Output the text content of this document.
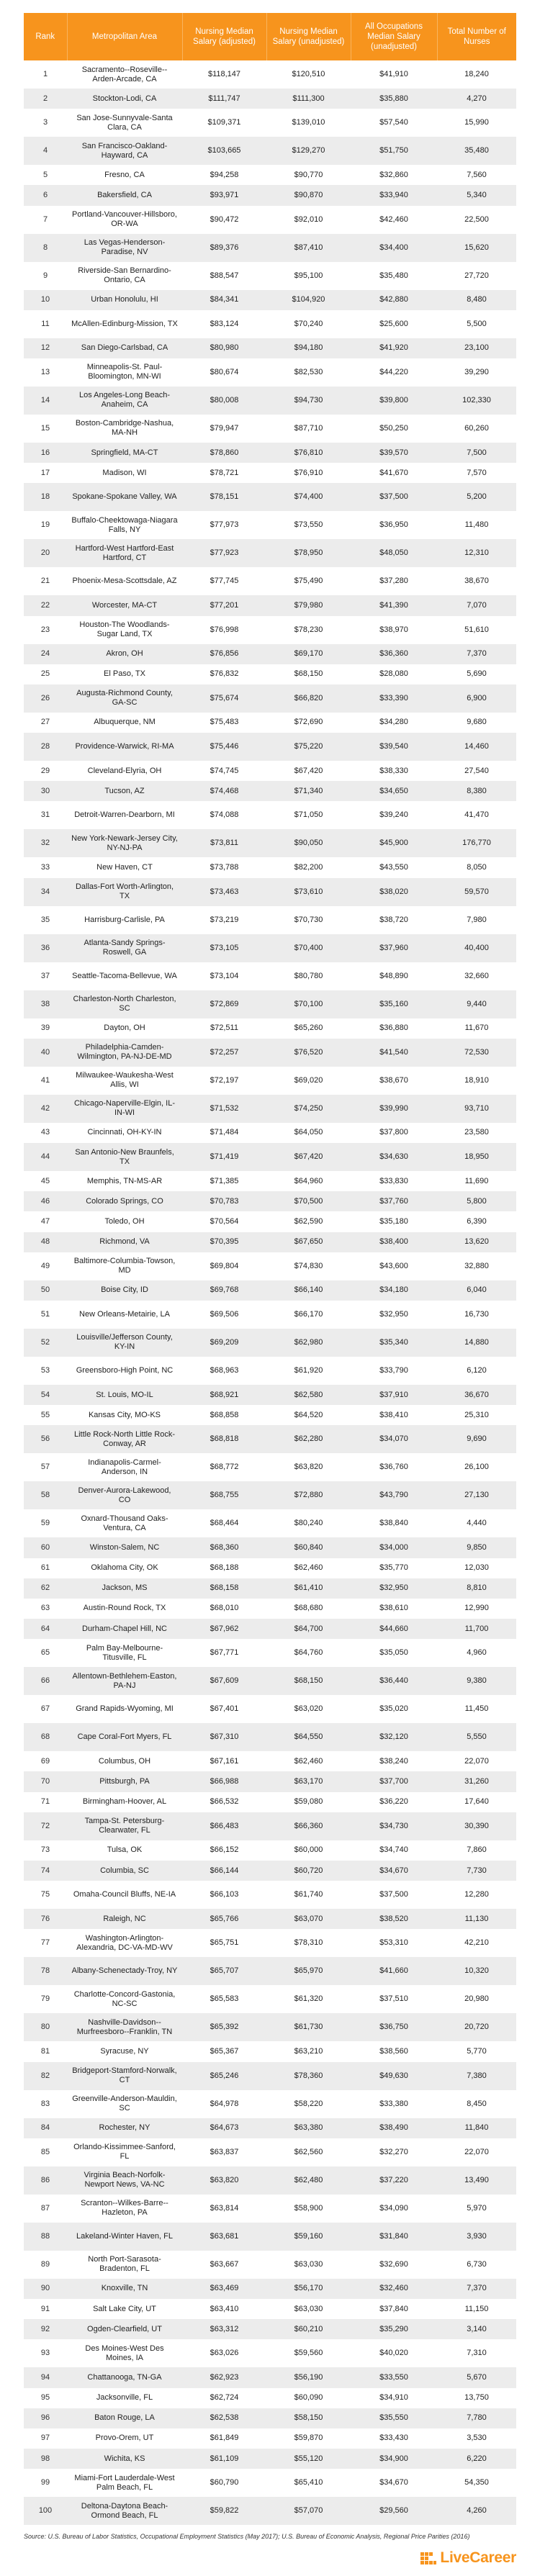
Rank	Metropolitan Area	Nursing Median Salary (adjusted)	Nursing Median Salary (unadjusted)	All Occupations Median Salary (unadjusted)	Total Number of Nurses
1	Sacramento--Roseville--Arden-Arcade, CA	$118,147	$120,510	$41,910	18,240
2	Stockton-Lodi, CA	$111,747	$111,300	$35,880	4,270
3	San Jose-Sunnyvale-Santa Clara, CA	$109,371	$139,010	$57,540	15,990
4	San Francisco-Oakland-Hayward, CA	$103,665	$129,270	$51,750	35,480
5	Fresno, CA	$94,258	$90,770	$32,860	7,560
6	Bakersfield, CA	$93,971	$90,870	$33,940	5,340
7	Portland-Vancouver-Hillsboro, OR-WA	$90,472	$92,010	$42,460	22,500
8	Las Vegas-Henderson-Paradise, NV	$89,376	$87,410	$34,400	15,620
9	Riverside-San Bernardino-Ontario, CA	$88,547	$95,100	$35,480	27,720
10	Urban Honolulu, HI	$84,341	$104,920	$42,880	8,480
11	McAllen-Edinburg-Mission, TX	$83,124	$70,240	$25,600	5,500
12	San Diego-Carlsbad, CA	$80,980	$94,180	$41,920	23,100
13	Minneapolis-St. Paul-Bloomington, MN-WI	$80,674	$82,530	$44,220	39,290
14	Los Angeles-Long Beach-Anaheim, CA	$80,008	$94,730	$39,800	102,330
15	Boston-Cambridge-Nashua, MA-NH	$79,947	$87,710	$50,250	60,260
16	Springfield, MA-CT	$78,860	$76,810	$39,570	7,500
17	Madison, WI	$78,721	$76,910	$41,670	7,570
18	Spokane-Spokane Valley, WA	$78,151	$74,400	$37,500	5,200
19	Buffalo-Cheektowaga-Niagara Falls, NY	$77,973	$73,550	$36,950	11,480
20	Hartford-West Hartford-East Hartford, CT	$77,923	$78,950	$48,050	12,310
21	Phoenix-Mesa-Scottsdale, AZ	$77,745	$75,490	$37,280	38,670
22	Worcester, MA-CT	$77,201	$79,980	$41,390	7,070
23	Houston-The Woodlands-Sugar Land, TX	$76,998	$78,230	$38,970	51,610
24	Akron, OH	$76,856	$69,170	$36,360	7,370
25	El Paso, TX	$76,832	$68,150	$28,080	5,690
26	Augusta-Richmond County, GA-SC	$75,674	$66,820	$33,390	6,900
27	Albuquerque, NM	$75,483	$72,690	$34,280	9,680
28	Providence-Warwick, RI-MA	$75,446	$75,220	$39,540	14,460
29	Cleveland-Elyria, OH	$74,745	$67,420	$38,330	27,540
30	Tucson, AZ	$74,468	$71,340	$34,650	8,380
31	Detroit-Warren-Dearborn, MI	$74,088	$71,050	$39,240	41,470
32	New York-Newark-Jersey City, NY-NJ-PA	$73,811	$90,050	$45,900	176,770
33	New Haven, CT	$73,788	$82,200	$43,550	8,050
34	Dallas-Fort Worth-Arlington, TX	$73,463	$73,610	$38,020	59,570
35	Harrisburg-Carlisle, PA	$73,219	$70,730	$38,720	7,980
36	Atlanta-Sandy Springs-Roswell, GA	$73,105	$70,400	$37,960	40,400
37	Seattle-Tacoma-Bellevue, WA	$73,104	$80,780	$48,890	32,660
38	Charleston-North Charleston, SC	$72,869	$70,100	$35,160	9,440
39	Dayton, OH	$72,511	$65,260	$36,880	11,670
40	Philadelphia-Camden-Wilmington, PA-NJ-DE-MD	$72,257	$76,520	$41,540	72,530
41	Milwaukee-Waukesha-West Allis, WI	$72,197	$69,020	$38,670	18,910
42	Chicago-Naperville-Elgin, IL-IN-WI	$71,532	$74,250	$39,990	93,710
43	Cincinnati, OH-KY-IN	$71,484	$64,050	$37,800	23,580
44	San Antonio-New Braunfels, TX	$71,419	$67,420	$34,630	18,950
45	Memphis, TN-MS-AR	$71,385	$64,960	$33,830	11,690
46	Colorado Springs, CO	$70,783	$70,500	$37,760	5,800
47	Toledo, OH	$70,564	$62,590	$35,180	6,390
48	Richmond, VA	$70,395	$67,650	$38,400	13,620
49	Baltimore-Columbia-Towson, MD	$69,804	$74,830	$43,600	32,880
50	Boise City, ID	$69,768	$66,140	$34,180	6,040
51	New Orleans-Metairie, LA	$69,506	$66,170	$32,950	16,730
52	Louisville/Jefferson County, KY-IN	$69,209	$62,980	$35,340	14,880
53	Greensboro-High Point, NC	$68,963	$61,920	$33,790	6,120
54	St. Louis, MO-IL	$68,921	$62,580	$37,910	36,670
55	Kansas City, MO-KS	$68,858	$64,520	$38,410	25,310
56	Little Rock-North Little Rock-Conway, AR	$68,818	$62,280	$34,070	9,690
57	Indianapolis-Carmel-Anderson, IN	$68,772	$63,820	$36,760	26,100
58	Denver-Aurora-Lakewood, CO	$68,755	$72,880	$43,790	27,130
59	Oxnard-Thousand Oaks-Ventura, CA	$68,464	$80,240	$38,840	4,440
60	Winston-Salem, NC	$68,360	$60,840	$34,000	9,850
61	Oklahoma City, OK	$68,188	$62,460	$35,770	12,030
62	Jackson, MS	$68,158	$61,410	$32,950	8,810
63	Austin-Round Rock, TX	$68,010	$68,680	$38,610	12,990
64	Durham-Chapel Hill, NC	$67,962	$64,700	$44,660	11,700
65	Palm Bay-Melbourne-Titusville, FL	$67,771	$64,760	$35,050	4,960
66	Allentown-Bethlehem-Easton, PA-NJ	$67,609	$68,150	$36,440	9,380
67	Grand Rapids-Wyoming, MI	$67,401	$63,020	$35,020	11,450
68	Cape Coral-Fort Myers, FL	$67,310	$64,550	$32,120	5,550
69	Columbus, OH	$67,161	$62,460	$38,240	22,070
70	Pittsburgh, PA	$66,988	$63,170	$37,700	31,260
71	Birmingham-Hoover, AL	$66,532	$59,080	$36,220	17,640
72	Tampa-St. Petersburg-Clearwater, FL	$66,483	$66,360	$34,730	30,390
73	Tulsa, OK	$66,152	$60,000	$34,740	7,860
74	Columbia, SC	$66,144	$60,720	$34,670	7,730
75	Omaha-Council Bluffs, NE-IA	$66,103	$61,740	$37,500	12,280
76	Raleigh, NC	$65,766	$63,070	$38,520	11,130
77	Washington-Arlington-Alexandria, DC-VA-MD-WV	$65,751	$78,310	$53,310	42,210
78	Albany-Schenectady-Troy, NY	$65,707	$65,970	$41,660	10,320
79	Charlotte-Concord-Gastonia, NC-SC	$65,583	$61,320	$37,510	20,980
80	Nashville-Davidson--Murfreesboro--Franklin, TN	$65,392	$61,730	$36,750	20,720
81	Syracuse, NY	$65,367	$63,210	$38,560	5,770
82	Bridgeport-Stamford-Norwalk, CT	$65,246	$78,360	$49,630	7,380
83	Greenville-Anderson-Mauldin, SC	$64,978	$58,220	$33,380	8,450
84	Rochester, NY	$64,673	$63,380	$38,490	11,840
85	Orlando-Kissimmee-Sanford, FL	$63,837	$62,560	$32,270	22,070
86	Virginia Beach-Norfolk-Newport News, VA-NC	$63,820	$62,480	$37,220	13,490
87	Scranton--Wilkes-Barre--Hazleton, PA	$63,814	$58,900	$34,090	5,970
88	Lakeland-Winter Haven, FL	$63,681	$59,160	$31,840	3,930
89	North Port-Sarasota-Bradenton, FL	$63,667	$63,030	$32,690	6,730
90	Knoxville, TN	$63,469	$56,170	$32,460	7,370
91	Salt Lake City, UT	$63,410	$63,030	$37,840	11,150
92	Ogden-Clearfield, UT	$63,312	$60,210	$35,290	3,140
93	Des Moines-West Des Moines, IA	$63,026	$59,560	$40,020	7,310
94	Chattanooga, TN-GA	$62,923	$56,190	$33,550	5,670
95	Jacksonville, FL	$62,724	$60,090	$34,910	13,750
96	Baton Rouge, LA	$62,538	$58,150	$35,550	7,780
97	Provo-Orem, UT	$61,849	$59,870	$33,430	3,530
98	Wichita, KS	$61,109	$55,120	$34,900	6,220
99	Miami-Fort Lauderdale-West Palm Beach, FL	$60,790	$65,410	$34,670	54,350
100	Deltona-Daytona Beach-Ormond Beach, FL	$59,822	$57,070	$29,560	4,260
Source: U.S. Bureau of Labor Statistics, Occupational Employment Statistics (May 2017); U.S. Bureau of Economic Analysis, Regional Price Parities (2016)
LiveCareer
